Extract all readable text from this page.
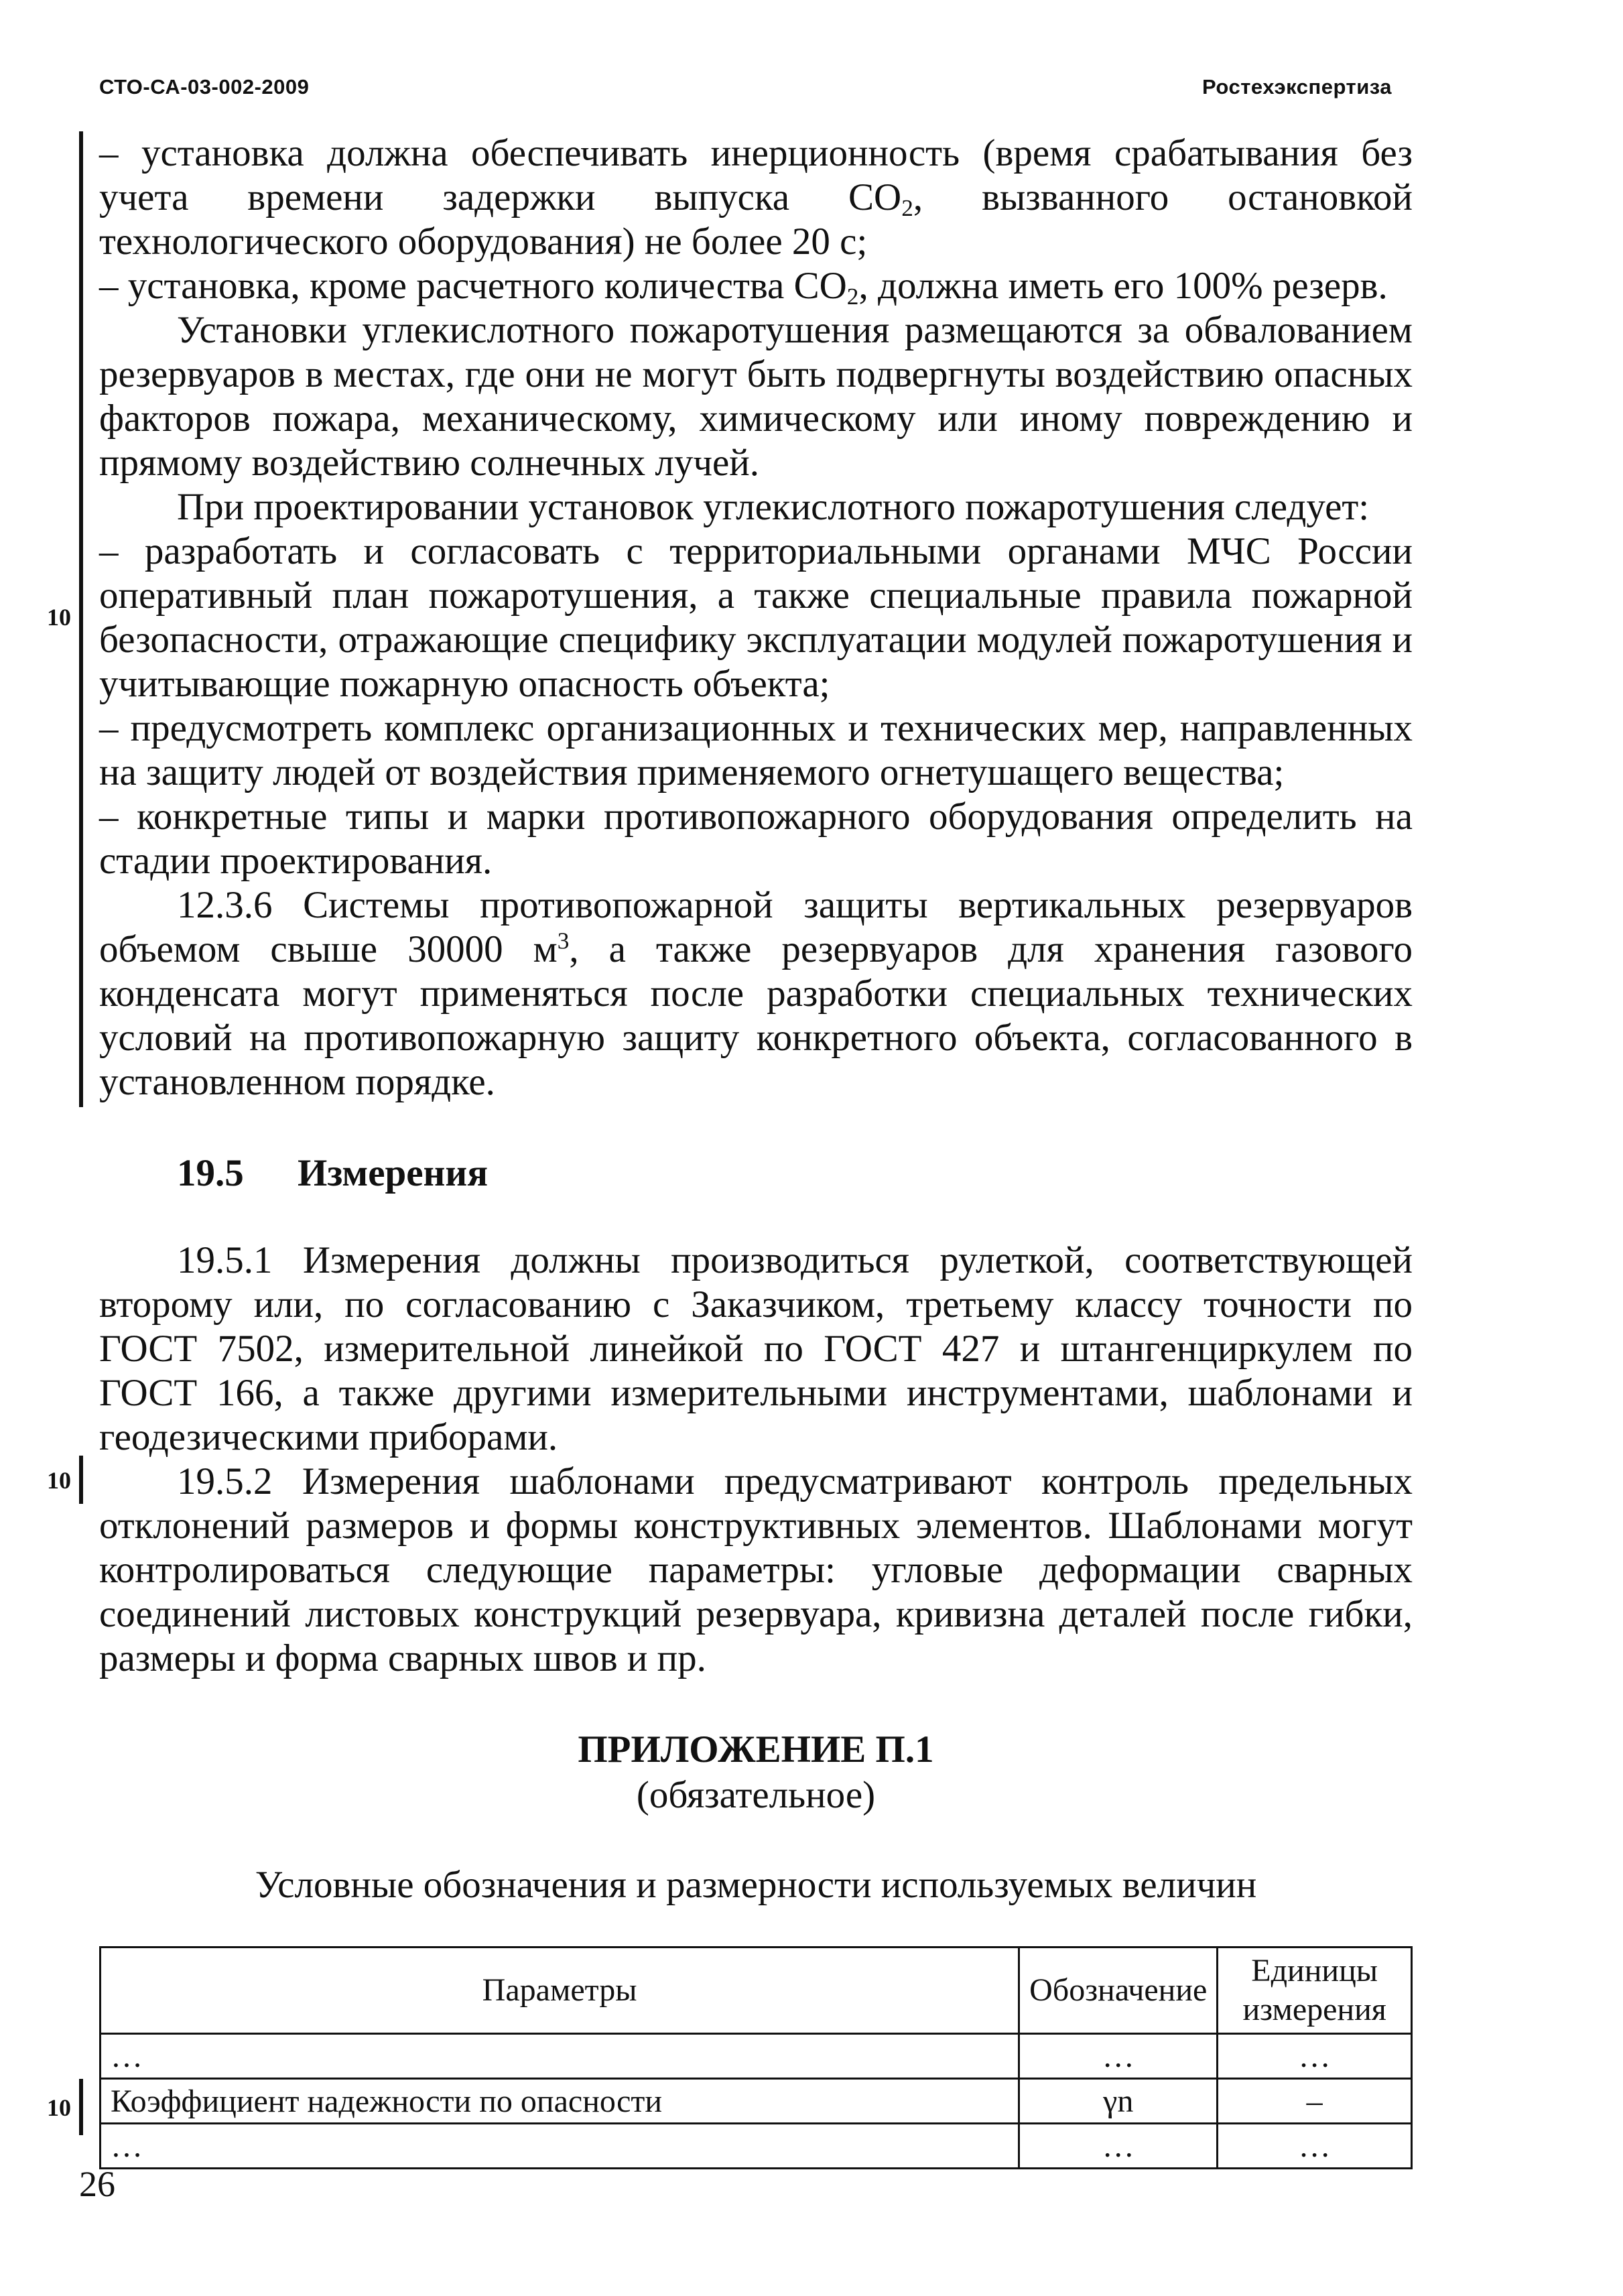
СТО-СА-03-002-2009	Ростехэкспертиза
10
10
10

– установка должна обеспечивать инерционность (время срабатывания без учета времени задержки выпуска $СО_2$, вызванного остановкой технологического оборудования) не более 20 с;

– установка, кроме расчетного количества $СО_2$, должна иметь его 100% резерв.

Установки углекислотного пожаротушения размещаются за обвалованием резервуаров в местах, где они не могут быть подвергнуты воздействию опасных факторов пожара, механическому, химическому или иному повреждению и прямому воздействию солнечных лучей.

При проектировании установок углекислотного пожаротушения следует:

– разработать и согласовать с территориальными органами МЧС России оперативный план пожаротушения, а также специальные правила пожарной безопасности, отражающие специфику эксплуатации модулей пожаротушения и учитывающие пожарную опасность объекта;

– предусмотреть комплекс организационных и технических мер, направленных на защиту людей от воздействия применяемого огнетушащего вещества;

– конкретные типы и марки противопожарного оборудования определить на стадии проектирования.

12.3.6 Системы противопожарной защиты вертикальных резервуаров объемом свыше 30000 $м^3$, а также резервуаров для хранения газового конденсата могут применяться после разработки специальных технических условий на противопожарную защиту конкретного объекта, согласованного в установленном порядке.

19.5 Измерения

19.5.1 Измерения должны производиться рулеткой, соответствующей второму или, по согласованию с Заказчиком, третьему классу точности по ГОСТ 7502, измерительной линейкой по ГОСТ 427 и штангенциркулем по ГОСТ 166, а также другими измерительными инструментами, шаблонами и геодезическими приборами.

19.5.2 Измерения шаблонами предусматривают контроль предельных отклонений размеров и формы конструктивных элементов. Шаблонами могут контролироваться следующие параметры: угловые деформации сварных соединений листовых конструкций резервуара, кривизна деталей после гибки, размеры и форма сварных швов и пр.

ПРИЛОЖЕНИЕ П.1

(обязательное)

Условные обозначения и размерности используемых величин

Параметры	Обозначение	Единицы измерения
…	…	…
Коэффициент надежности по опасности	γn	–
…	…	…
26
